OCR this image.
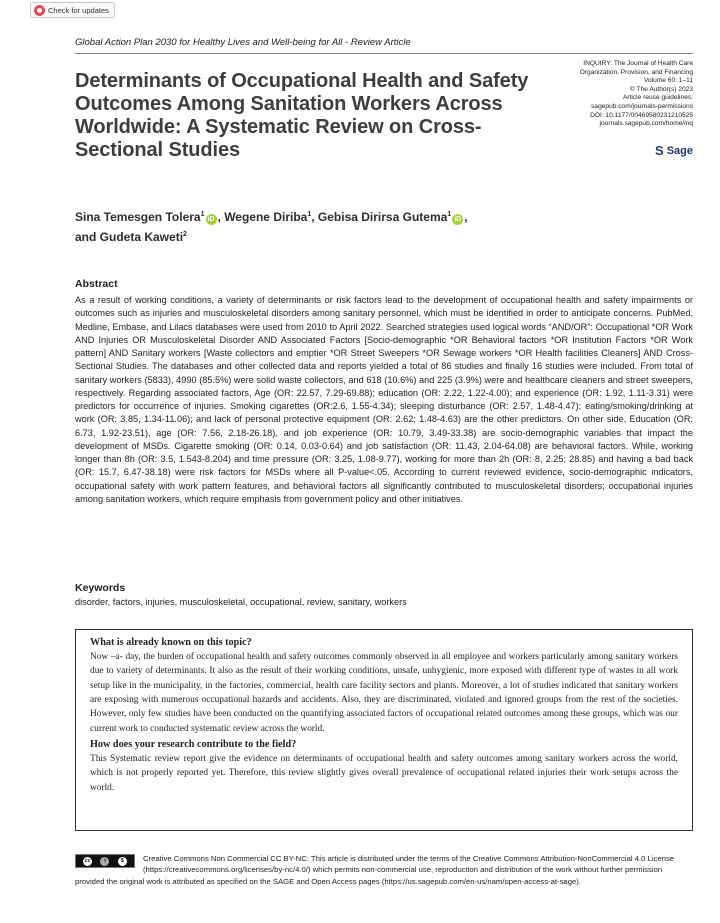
Check for updates
Global Action Plan 2030 for Healthy Lives and Well-being for All - Review Article
Determinants of Occupational Health and Safety Outcomes Among Sanitation Workers Across Worldwide: A Systematic Review on Cross-Sectional Studies
INQUIRY: The Journal of Health Care
Organization, Provision, and Financing
Volume 60: 1–11
© The Author(s) 2023
Article reuse guidelines:
sagepub.com/journals-permissions
DOI: 10.1177/00469580231210525
journals.sagepub.com/home/inq
S Sage
Sina Temesgen Tolera$^1$iD , Wegene Diriba$^1$, Gebisa Dirirsa Gutema$^1$iD ,
and Gudeta Kaweti$^2$
Abstract

As a result of working conditions, a variety of determinants or risk factors lead to the development of occupational health and safety impairments or outcomes such as injuries and musculoskeletal disorders among sanitary personnel, which must be identified in order to anticipate concerns. PubMed, Medline, Embase, and Lilacs databases were used from 2010 to April 2022. Searched strategies used logical words “AND/OR”: Occupational *OR Work AND Injuries OR Musculoskeletal Disorder AND Associated Factors [Socio-demographic *OR Behavioral factors *OR Institution Factors *OR Work pattern] AND Sanitary workers [Waste collectors and emptier *OR Street Sweepers *OR Sewage workers *OR Health facilities Cleaners] AND Cross-Sectional Studies. The databases and other collected data and reports yielded a total of 86 studies and finally 16 studies were included. From total of sanitary workers (5833), 4990 (85.5%) were solid waste collectors, and 618 (10.6%) and 225 (3.9%) were and healthcare cleaners and street sweepers, respectively. Regarding associated factors, Age (OR: 22.57, 7.29-69.88); education (OR: 2.22, 1.22-4.00); and experience (OR: 1.92, 1.11-3.31) were predictors for occurrence of injuries. Smoking cigarettes (OR:2.6, 1.55-4.34); sleeping disturbance (OR: 2.57, 1.48-4.47); eating/smoking/drinking at work (OR: 3.85, 1.34-11.06); and lack of personal protective equipment (OR: 2.62; 1.48-4.63) are the other predictors. On other side, Education (OR: 6.73, 1.92-23.51), age (OR: 7.56, 2.18-26.18), and job experience (OR: 10.79, 3.49-33.38) are socio-demographic variables that impact the development of MSDs. Cigarette smoking (OR: 0.14, 0.03-0.64) and job satisfaction (OR: 11.43, 2.04-64.08) are behavioral factors. While, working longer than 8h (OR: 3.5, 1.543-8.204) and time pressure (OR: 3.25, 1.08-9.77), working for more than 2h (OR: 8, 2.25; 28.85) and having a bad back (OR: 15.7, 6.47-38.18) were risk factors for MSDs where all P-value<.05. According to current reviewed evidence, socio-demographic indicators, occupational safety with work pattern features, and behavioral factors all significantly contributed to musculoskeletal disorders; occupational injuries among sanitation workers, which require emphasis from government policy and other initiatives.

Keywords

disorder, factors, injuries, musculoskeletal, occupational, review, sanitary, workers

What is already known on this topic?

Now –a- day, the burden of occupational health and safety outcomes commonly observed in all employee and workers particularly among sanitary workers due to variety of determinants. It also as the result of their working conditions, unsafe, unhygienic, more exposed with different type of wastes in all work setup like in the municipality, in the factories, commercial, health care facility sectors and plants. Moreover, a lot of studies indicated that sanitary workers are exposing with numerous occupational hazards and accidents. Also, they are discriminated, violated and ignored groups from the rest of the societies. However, only few studies have been conducted on the quantifying associated factors of occupational related outcomes among these groups, which was our current work to conducted systematic review across the world.

How does your research contribute to the field?

This Systematic review report give the evidence on determinants of occupational health and safety outcomes among sanitary workers across the world, which is not properly reported yet. Therefore, this review slightly gives overall prevalence of occupational related injuries their work setups across the world.

cc	i	$	Creative Commons Non Commercial CC BY-NC: This article is distributed under the terms of the Creative Commons Attribution-NonCommercial 4.0 License (https://creativecommons.org/licenses/by-nc/4.0/) which permits non-commercial use, reproduction and distribution of the work without further permission provided the original work is attributed as specified on the SAGE and Open Access pages (https://us.sagepub.com/en-us/nam/open-access-at-sage).
